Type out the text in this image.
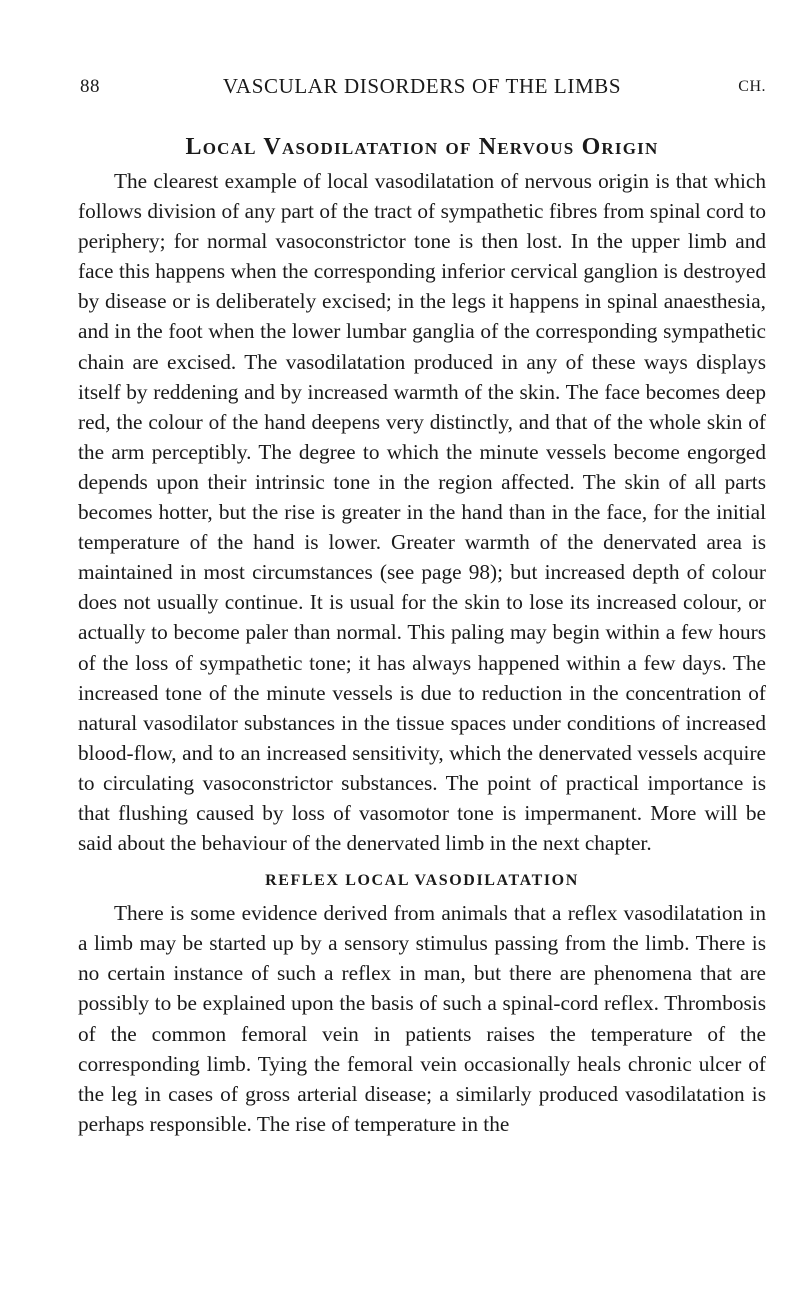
88	VASCULAR DISORDERS OF THE LIMBS	CH.
Local Vasodilatation of Nervous Origin

The clearest example of local vasodilatation of nervous origin is that which follows division of any part of the tract of sympathetic fibres from spinal cord to periphery; for normal vasoconstrictor tone is then lost. In the upper limb and face this happens when the corresponding inferior cervical ganglion is destroyed by disease or is deliberately excised; in the legs it happens in spinal anaesthesia, and in the foot when the lower lumbar ganglia of the corresponding sympathetic chain are excised. The vasodilatation produced in any of these ways displays itself by reddening and by increased warmth of the skin. The face becomes deep red, the colour of the hand deepens very distinctly, and that of the whole skin of the arm perceptibly. The degree to which the minute vessels become engorged depends upon their intrinsic tone in the region affected. The skin of all parts becomes hotter, but the rise is greater in the hand than in the face, for the initial temperature of the hand is lower. Greater warmth of the denervated area is maintained in most circumstances (see page 98); but increased depth of colour does not usually continue. It is usual for the skin to lose its increased colour, or actually to become paler than normal. This paling may begin within a few hours of the loss of sympathetic tone; it has always happened within a few days. The increased tone of the minute vessels is due to reduction in the concentration of natural vasodilator substances in the tissue spaces under conditions of increased blood-flow, and to an increased sensitivity, which the denervated vessels acquire to circulating vasoconstrictor substances. The point of practical importance is that flushing caused by loss of vasomotor tone is impermanent. More will be said about the behaviour of the denervated limb in the next chapter.

REFLEX LOCAL VASODILATATION

There is some evidence derived from animals that a reflex vasodilatation in a limb may be started up by a sensory stimulus passing from the limb. There is no certain instance of such a reflex in man, but there are phenomena that are possibly to be explained upon the basis of such a spinal-cord reflex. Thrombosis of the common femoral vein in patients raises the temperature of the corresponding limb. Tying the femoral vein occasionally heals chronic ulcer of the leg in cases of gross arterial disease; a similarly produced vasodilatation is perhaps responsible. The rise of temperature in the
